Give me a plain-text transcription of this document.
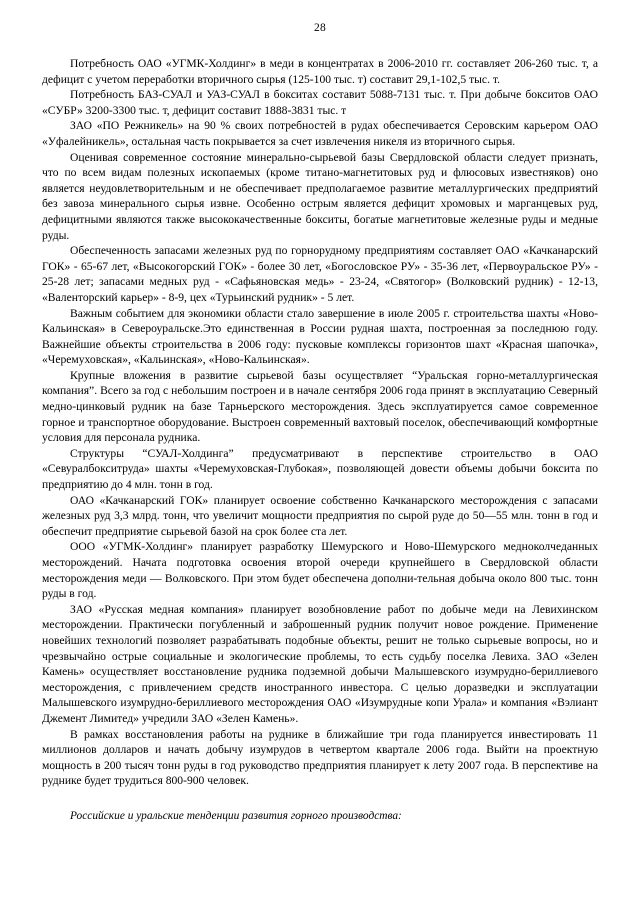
28

Потребность ОАО «УГМК-Холдинг» в меди в концентратах в 2006-2010 гг. составляет 206-260 тыс. т, а дефицит с учетом переработки вторичного сырья (125-100 тыс. т) составит 29,1-102,5 тыс. т.

Потребность БАЗ-СУАЛ и УАЗ-СУАЛ в бокситах составит 5088-7131 тыс. т. При добыче бокситов ОАО «СУБР» 3200-3300 тыс. т, дефицит составит 1888-3831 тыс. т

ЗАО «ПО Режникель» на 90 % своих потребностей в рудах обеспечивается Серовским карьером ОАО «Уфалейникель», остальная часть покрывается за счет извлечения никеля из вторичного сырья.

Оценивая современное состояние минерально-сырьевой базы Свердловской области следует признать, что по всем видам полезных ископаемых (кроме титано-магнетитовых руд и флюсовых известняков) оно является неудовлетворительным и не обеспечивает предполагаемое развитие металлургических предприятий без завоза минерального сырья извне. Особенно острым является дефицит хромовых и марганцевых руд, дефицитными являются также высококачественные бокситы, богатые магнетитовые железные руды и медные руды.

Обеспеченность запасами железных руд по горнорудному предприятиям составляет ОАО «Качканарский ГОК» - 65-67 лет, «Высокогорский ГОК» - более 30 лет, «Богословское РУ» - 35-36 лет, «Первоуральское РУ» - 25-28 лет; запасами медных руд - «Сафьяновская медь» - 23-24, «Святогор» (Волковский рудник) - 12-13, «Валенторский карьер» - 8-9, цех «Турьинский рудник» - 5 лет.

Важным событием для экономики области стало завершение в июле 2005 г. строительства шахты «Ново-Кальинская» в Североуральске.Это единственная в России рудная шахта, построенная за последнюю году. Важнейшие объекты строительства в 2006 году: пусковые комплексы горизонтов шахт «Красная шапочка», «Черемуховская», «Кальинская», «Ново-Кальинская».

Крупные вложения в развитие сырьевой базы осуществляет “Уральская горно-металлургическая компания”. Всего за год с небольшим построен и в начале сентября 2006 года принят в эксплуатацию Северный медно-цинковый рудник на базе Тарньерского месторождения. Здесь эксплуатируется самое современное горное и транспортное оборудование. Выстроен современный вахтовый поселок, обеспечивающий комфортные условия для персонала рудника.

Структуры “СУАЛ-Холдинга” предусматривают в перспективе строительство в ОАО «Севуралбокситруда» шахты «Черемуховская-Глубокая», позволяющей довести объемы добычи боксита по предприятию до 4 млн. тонн в год.

ОАО «Качканарский ГОК» планирует освоение собственно Качканарского месторождения с запасами железных руд 3,3 млрд. тонн, что увеличит мощности предприятия по сырой руде до 50—55 млн. тонн в год и обеспечит предприятие сырьевой базой на срок более ста лет.

ООО «УГМК-Холдинг» планирует разработку Шемурского и Ново-Шемурского медноколчеданных месторождений. Начата подготовка освоения второй очереди крупнейшего в Свердловской области месторождения меди — Волковского. При этом будет обеспечена дополни-тельная добыча около 800 тыс. тонн руды в год.

ЗАО «Русская медная компания» планирует возобновление работ по добыче меди на Левихинском месторождении. Практически погубленный и заброшенный рудник получит новое рождение. Применение новейших технологий позволяет разрабатывать подобные объекты, решит не только сырьевые вопросы, но и чрезвычайно острые социальные и экологические проблемы, то есть судьбу поселка Левиха. ЗАО «Зелен Камень» осуществляет восстановление рудника подземной добычи Малышевского изумрудно-бериллиевого месторождения, с привлечением средств иностранного инвестора. С целью доразведки и эксплуатации Малышевского изумрудно-бериллиевого месторождения ОАО «Изумрудные копи Урала» и компания «Вэлиант Джемент Лимитед» учредили ЗАО «Зелен Камень».

В рамках восстановления работы на руднике в ближайшие три года планируется инвестировать 11 миллионов долларов и начать добычу изумрудов в четвертом квартале 2006 года. Выйти на проектную мощность в 200 тысяч тонн руды в год руководство предприятия планирует к лету 2007 года. В перспективе на руднике будет трудиться 800-900 человек.

Российские и уральские тенденции развития горного производства:
